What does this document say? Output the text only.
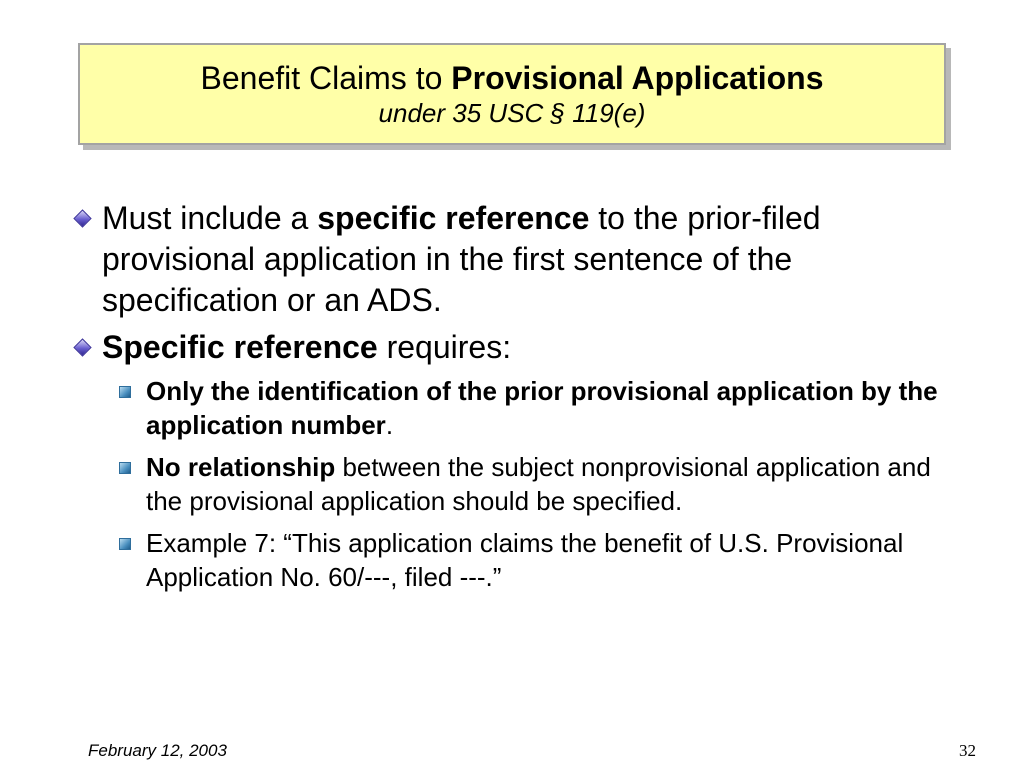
Benefit Claims to Provisional Applications
under 35 USC § 119(e)
Must include a specific reference to the prior-filed provisional application in the first sentence of the specification or an ADS.
Specific reference requires:
Only the identification of the prior provisional application by the application number.
No relationship between the subject nonprovisional application and the provisional application should be specified.
Example 7: “This application claims the benefit of U.S. Provisional Application No. 60/---, filed ---.”
February 12, 2003	32
